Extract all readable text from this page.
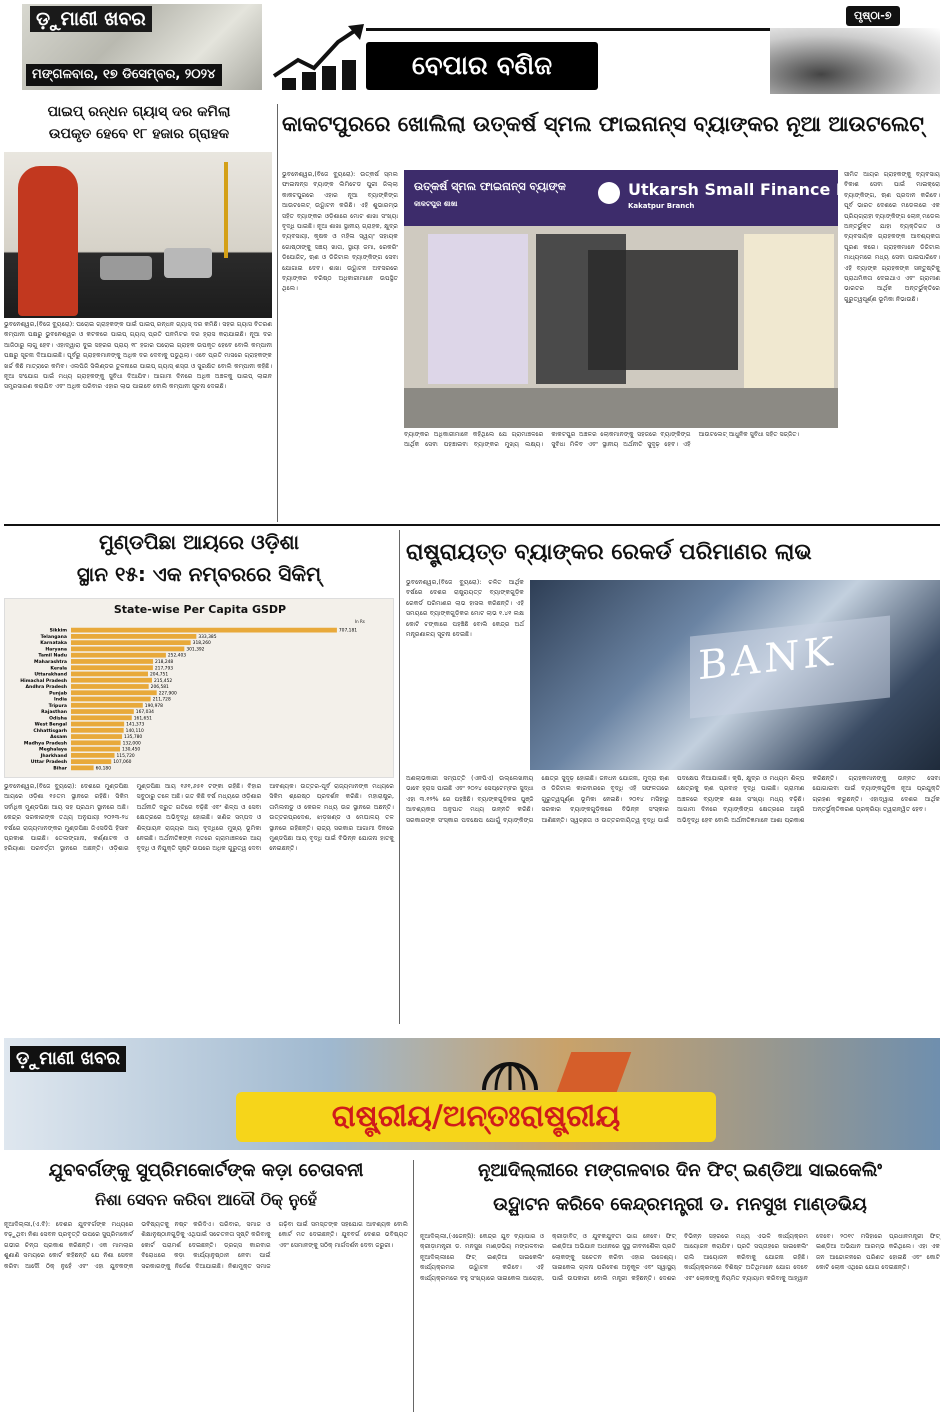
ଡ଼ୁମାଣୀ ଖବର
ମଙ୍ଗଳବାର, ୧୭ ଡିସେମ୍ବର, ୨୦୨୪	ବେପାର ବଣିଜ
ପୃଷ୍ଠା-୭
ପାଇପ୍ ରନ୍ଧନ ଗ୍ୟାସ୍ ଦର କମିଲା
ଉପକୃତ ହେବେ ୧୮ ହଜାର ଗ୍ରାହକ
ଭୁବନେଶ୍ୱର,(ବିଜେ ବ୍ୟୁରୋ): ଘରୋଇ ଗ୍ରାହକଙ୍କ ପାଇଁ ପାଇପ୍ ରନ୍ଧନ ଗ୍ୟାସ୍ ଦର କମିଛି। ସହର ଗ୍ୟାସ ବିତରଣ କମ୍ପାନୀ ପକ୍ଷରୁ ଭୁବନେଶ୍ୱର ଓ କଟକରେ ପାଇପ୍ ଗ୍ୟାସ୍ ପ୍ରତି ଘନମିଟର ଦର ହ୍ରାସ କରାଯାଇଛି। ନୂଆ ଦର ଆଜିଠାରୁ ଲାଗୁ ହେବ। ଏହାଦ୍ୱାରା ଦୁଇ ସହରର ପ୍ରାୟ ୧୮ ହଜାର ଘରୋଇ ଗ୍ରାହକ ଉପକୃତ ହେବେ ବୋଲି କମ୍ପାନୀ ପକ୍ଷରୁ ସୂଚନା ଦିଆଯାଇଛି। ପୂର୍ବରୁ ଗ୍ରାହକମାନଙ୍କୁ ଅଧିକ ଦର ଦେବାକୁ ପଡୁଥିଲା। ଏବେ ପ୍ରତି ମାସରେ ଗ୍ରାହକଙ୍କ ଖର୍ଚ୍ଚ କିଛି ମାତ୍ରାରେ କମିବ। ଏଲପିଜି ସିଲିଣ୍ଡର ତୁଳନାରେ ପାଇପ୍ ଗ୍ୟାସ୍ ଶସ୍ତା ଓ ସୁରକ୍ଷିତ ବୋଲି କମ୍ପାନୀ କହିଛି। ନୂଆ ସଂଯୋଗ ପାଇଁ ମଧ୍ୟ ଗ୍ରାହକଙ୍କୁ ସୁବିଧା ଦିଆଯିବ। ଆଗାମୀ ଦିନରେ ଅଧିକ ଅଞ୍ଚଳକୁ ପାଇପ୍ ଲାଇନ ସମ୍ପ୍ରସାରଣ କରାଯିବ ଏବଂ ଅଧିକ ପରିବାର ଏହାର ଲାଭ ପାଇବେ ବୋଲି କମ୍ପାନୀ ସୂଚନା ଦେଇଛି।
କାକଟପୁରରେ ଖୋଲିଲା ଉତ୍କର୍ଷ ସ୍ମଲ ଫାଇନାନ୍ସ ବ୍ୟାଙ୍କର ନୂଆ ଆଉଟଲେଟ୍
ଭୁବନେଶ୍ୱର,(ବିଜେ ବ୍ୟୁରୋ): ଉତ୍କର୍ଷ ସ୍ମଲ ଫାଇନାନ୍ସ ବ୍ୟାଙ୍କ ଲିମିଟେଡ ପୁରୀ ଜିଲ୍ଲା କାକଟପୁରରେ ଏହାର ନୂଆ ବ୍ୟାଙ୍କିଙ୍ଗ ଆଉଟଲେଟ୍ ଉଦ୍ଘାଟନ କରିଛି। ଏହି ଶୁଭାରମ୍ଭ ସହିତ ବ୍ୟାଙ୍କର ଓଡ଼ିଶାରେ ମୋଟ ଶାଖା ସଂଖ୍ୟା ବୃଦ୍ଧି ପାଇଛି। ନୂଆ ଶାଖା ସ୍ଥାନୀୟ ଗ୍ରାହକ, କ୍ଷୁଦ୍ର ବ୍ୟବସାୟୀ, କୃଷକ ଓ ମହିଳା ସ୍ୱୟଂ ସହାୟକ ଗୋଷ୍ଠୀଙ୍କୁ ସଞ୍ଚୟ ଖାତା, ସ୍ଥାୟୀ ଜମା, ରେକରିଂ ଡିପୋଜିଟ୍, ଋଣ ଓ ଡିଜିଟାଲ ବ୍ୟାଙ୍କିଙ୍ଗ ସେବା ଯୋଗାଇ ଦେବ। ଶାଖା ଉଦ୍ଘାଟନ ଅବସରରେ ବ୍ୟାଙ୍କର ବରିଷ୍ଠ ଅଧିକାରୀମାନେ ଉପସ୍ଥିତ ଥିଲେ।
ଉତ୍କର୍ଷ ସ୍ମଲ ଫାଇନାନ୍ସ ବ୍ୟାଙ୍କ
କାକଟପୁର ଶାଖା
Utkarsh Small Finance Ban
Kakatpur Branch
ବ୍ୟାଙ୍କର ଅଧିକାରୀମାନେ କହିଥିଲେ ଯେ ଗ୍ରାମାଞ୍ଚଳରେ ଆର୍ଥିକ ସେବା ପହଞ୍ଚାଇବା ବ୍ୟାଙ୍କର ମୁଖ୍ୟ ଲକ୍ଷ୍ୟ। କାକଟପୁର ଅଞ୍ଚଳର ଲୋକମାନଙ୍କୁ ସହଜରେ ବ୍ୟାଙ୍କିଙ୍ଗ ସୁବିଧା ମିଳିବ ଏବଂ ସ୍ଥାନୀୟ ଅର୍ଥନୀତି ସୁଦୃଢ଼ ହେବ। ଏହି ଆଉଟଲେଟ୍ ଆଧୁନିକ ସୁବିଧା ସହିତ ସଜ୍ଜିତ।
ସୀମିତ ଆୟର ଗ୍ରାହକଙ୍କୁ ବ୍ୟବସାୟ ବିକାଶ ସେବା ପାଇଁ ମାଇକ୍ରୋ ବ୍ୟାଙ୍କିଙ୍ଗ, ଋଣ ପ୍ରଦାନ କରିବେ। ପୂର୍ବ ଭାରତ ଦେଶରେ ମଡେଲରେ ଏକ ପ୍ରିୟଗ୍ରାହୀ ବ୍ୟାଙ୍କିଙ୍ଗ ଲୋନ୍ ମଡେଲ ଅନ୍ତର୍ଭୁକ୍ତ ଯାହା ବ୍ୟକ୍ତିଗତ ଓ ବ୍ୟବସାୟିକ ଗ୍ରାହକଙ୍କ ଆବଶ୍ୟକତା ପୂରଣ କରେ। ଗ୍ରାହକମାନେ ଡିଜିଟାଲ ମାଧ୍ୟମରେ ମଧ୍ୟ ସେବା ପାଇପାରିବେ। ଏହି ବ୍ୟାଙ୍କ ଗ୍ରାହକଙ୍କ ସନ୍ତୁଷ୍ଟିକୁ ପ୍ରାଥମିକତା ଦେଇଥାଏ ଏବଂ ଗ୍ରାମୀଣ ଭାରତର ଆର୍ଥିକ ଅନ୍ତର୍ଭୁକ୍ତିରେ ଗୁରୁତ୍ୱପୂର୍ଣ୍ଣ ଭୂମିକା ନିଭାଉଛି।
ମୁଣ୍ଡପିଛା ଆୟରେ ଓଡ଼ିଶା
ସ୍ଥାନ ୧୫: ଏକ ନମ୍ବରରେ ସିକିମ୍
State-wise Per Capita GSDP
In Rs
Sikkim	707,181
Telangana	333,385
Karnataka	318,260
Haryana	301,392
Tamil Nadu	252,403
Maharashtra	218,248
Kerala	217,793
Uttarakhand	204,751
Himachal Pradesh	215,452
Andhra Pradesh	206,581
Punjab	227,900
India	211,728
Tripura	190,978
Rajasthan	167,034
Odisha	161,651
West Bengal	141,373
Chhattisgarh	140,110
Assam	135,780
Madhya Pradesh	132,000
Meghalaya	130,450
Jharkhand	115,720
Uttar Pradesh	107,060
Bihar	60,180
ଭୁବନେଶ୍ୱର,(ବିଜେ ବ୍ୟୁରୋ): ଦେଶରେ ମୁଣ୍ଡପିଛା ଆୟରେ ଓଡ଼ିଶା ୧୫ତମ ସ୍ଥାନରେ ରହିଛି। ସିକିମ ସର୍ବାଧିକ ମୁଣ୍ଡପିଛା ଆୟ ସହ ପ୍ରଥମ ସ୍ଥାନରେ ଅଛି। କେନ୍ଦ୍ର ସରକାରଙ୍କ ତଥ୍ୟ ଅନୁଯାୟୀ ୨୦୨୩-୨୪ ବର୍ଷରେ ରାଜ୍ୟମାନଙ୍କର ମୁଣ୍ଡପିଛା ଜିଏସଡିପି ହିସାବ ପ୍ରକାଶ ପାଇଛି। ତେଲଙ୍ଗାନା, କର୍ଣ୍ଣାଟକ ଓ ହରିୟାଣା ପରବର୍ତ୍ତୀ ସ୍ଥାନରେ ଅଛନ୍ତି। ଓଡ଼ିଶାର ମୁଣ୍ଡପିଛା ଆୟ ୧୬୧,୬୫୧ ଟଙ୍କା ରହିଛି। ବିହାର ସବୁଠାରୁ ତଳେ ଅଛି। ଗତ କିଛି ବର୍ଷ ମଧ୍ୟରେ ଓଡ଼ିଶାର ଅର୍ଥନୀତି ଦ୍ରୁତ ଗତିରେ ବଢ଼ିଛି ଏବଂ ଶିଳ୍ପ ଓ ସେବା କ୍ଷେତ୍ରରେ ଅଭିବୃଦ୍ଧି ହୋଇଛି। ଖଣିଜ ସମ୍ପଦ ଓ ଶିଳ୍ପାୟନ ରାଜ୍ୟର ଆୟ ବୃଦ୍ଧିରେ ମୁଖ୍ୟ ଭୂମିକା ନେଇଛି। ଅର୍ଥନୀତିଜ୍ଞଙ୍କ ମତରେ ଗ୍ରାମାଞ୍ଚଳରେ ଆୟ ବୃଦ୍ଧି ଓ ନିଯୁକ୍ତି ସୃଷ୍ଟି ଉପରେ ଅଧିକ ଗୁରୁତ୍ୱ ଦେବା ଆବଶ୍ୟକ। ଉତ୍ତର-ପୂର୍ବ ରାଜ୍ୟମାନଙ୍କ ମଧ୍ୟରେ ସିକିମ ଶ୍ରେଷ୍ଠ ପ୍ରଦର୍ଶନ କରିଛି। ମହାରାଷ୍ଟ୍ର, ତାମିଲନାଡୁ ଓ କେରଳ ମଧ୍ୟ ଉଚ୍ଚ ସ୍ଥାନରେ ଅଛନ୍ତି। ଉତ୍ତରପ୍ରଦେଶ, ଝାଡ଼ଖଣ୍ଡ ଓ ମେଘାଳୟ ତଳ ସ୍ଥାନରେ ରହିଛନ୍ତି। ରାଜ୍ୟ ସରକାର ଆଗାମୀ ଦିନରେ ମୁଣ୍ଡପିଛା ଆୟ ବୃଦ୍ଧି ପାଇଁ ବିଭିନ୍ନ ଯୋଜନା ହାତକୁ ନେଇଛନ୍ତି।
ରାଷ୍ଟ୍ରାୟତ୍ତ ବ୍ୟାଙ୍କର ରେକର୍ଡ ପରିମାଣର ଲାଭ
ଭୁବନେଶ୍ୱର,(ବିଜେ ବ୍ୟୁରୋ): ଚଳିତ ଆର୍ଥିକ ବର୍ଷରେ ଦେଶର ରାଷ୍ଟ୍ରାୟତ୍ତ ବ୍ୟାଙ୍କଗୁଡ଼ିକ ରେକର୍ଡ ପରିମାଣର ଲାଭ ହାସଲ କରିଛନ୍ତି। ଏହି ସମୟରେ ବ୍ୟାଙ୍କଗୁଡ଼ିକର ମୋଟ ଲାଭ ୧.୪୧ ଲକ୍ଷ କୋଟି ଟଙ୍କାରେ ପହଞ୍ଚିଛି ବୋଲି କେନ୍ଦ୍ର ଅର୍ଥ ମନ୍ତ୍ରଣାଳୟ ସୂଚନା ଦେଇଛି।	BANK
ଅଣଲାଭକାରୀ ସମ୍ପତ୍ତି (ଏନପିଏ) ଉଲ୍ଲେଖନୀୟ ଭାବେ ହ୍ରାସ ପାଇଛି ଏବଂ ୨୦୨୪ ସେପ୍ଟେମ୍ବର ସୁଦ୍ଧା ଏହା ୩.୧୨% ରେ ପହଞ୍ଚିଛି। ବ୍ୟାଙ୍କଗୁଡ଼ିକର ପୁଞ୍ଜି ଆବଶ୍ୟକତା ଅନୁପାତ ମଧ୍ୟ ଉନ୍ନତି କରିଛି। ସରକାରଙ୍କ ସଂସ୍କାର ପଦକ୍ଷେପ ଯୋଗୁଁ ବ୍ୟାଙ୍କିଙ୍ଗ କ୍ଷେତ୍ର ସୁଦୃଢ଼ ହୋଇଛି। ଜନଧନ ଯୋଜନା, ମୁଦ୍ରା ଋଣ ଓ ଡିଜିଟାଲ କାରବାରରେ ବୃଦ୍ଧି ଏହି ସଫଳତାରେ ଗୁରୁତ୍ୱପୂର୍ଣ୍ଣ ଭୂମିକା ନେଇଛି। ୨୦୧୪ ମସିହାରୁ ସରକାର ବ୍ୟାଙ୍କଗୁଡ଼ିକରେ ବିଭିନ୍ନ ସଂସ୍କାର ଆଣିଛନ୍ତି। ସ୍ୱଚ୍ଛତା ଓ ଉତ୍ତରଦାୟିତ୍ୱ ବୃଦ୍ଧି ପାଇଁ ପଦକ୍ଷେପ ନିଆଯାଇଛି। କୃଷି, କ୍ଷୁଦ୍ର ଓ ମଧ୍ୟମ ଶିଳ୍ପ କ୍ଷେତ୍ରକୁ ଋଣ ପ୍ରବାହ ବୃଦ୍ଧି ପାଇଛି। ଗ୍ରାମୀଣ ଅଞ୍ଚଳରେ ବ୍ୟାଙ୍କ ଶାଖା ସଂଖ୍ୟା ମଧ୍ୟ ବଢ଼ିଛି। ଆଗାମୀ ଦିନରେ ବ୍ୟାଙ୍କିଙ୍ଗ କ୍ଷେତ୍ରରେ ଆହୁରି ଅଭିବୃଦ୍ଧି ହେବ ବୋଲି ଅର୍ଥନୀତିଜ୍ଞମାନେ ଆଶା ପ୍ରକାଶ କରିଛନ୍ତି। ଗ୍ରାହକମାନଙ୍କୁ ଉନ୍ନତ ସେବା ଯୋଗାଇବା ପାଇଁ ବ୍ୟାଙ୍କଗୁଡ଼ିକ ନୂଆ ପ୍ରଯୁକ୍ତି ଗ୍ରହଣ କରୁଛନ୍ତି। ଏହାଦ୍ୱାରା ଦେଶର ଆର୍ଥିକ ଅନ୍ତର୍ଭୁକ୍ତିକରଣ ପ୍ରକ୍ରିୟା ତ୍ୱରାନ୍ୱିତ ହେବ।
ଡ଼ୁମାଣୀ ଖବର
ରାଷ୍ଟ୍ରୀୟ/ଅନ୍ତଃରାଷ୍ଟ୍ରୀୟ
ଯୁବବର୍ଗଙ୍କୁ ସୁପ୍ରିମକୋର୍ଟଙ୍କ କଡ଼ା ଚେତାବନୀ
ନିଶା ସେବନ କରିବା ଆଦୌ ଠିକ୍ ନୁହେଁ
ନୂଆଦିଲ୍ଲୀ,(ଏ.ବି): ଦେଶର ଯୁବବର୍ଗଙ୍କ ମଧ୍ୟରେ ବଢ଼ୁଥିବା ନିଶା ସେବନ ପ୍ରବୃତ୍ତି ଉପରେ ସୁପ୍ରିମକୋର୍ଟ ଗଭୀର ଚିନ୍ତା ପ୍ରକାଶ କରିଛନ୍ତି। ଏକ ମାମଲାର ଶୁଣାଣି ସମୟରେ କୋର୍ଟ କହିଛନ୍ତି ଯେ ନିଶା ସେବନ କରିବା ଆଦୌ ଠିକ୍ ନୁହେଁ ଏବଂ ଏହା ଯୁବକଙ୍କ ଭବିଷ୍ୟତକୁ ନଷ୍ଟ କରିଦିଏ। ପରିବାର, ସମାଜ ଓ ଶିକ୍ଷାନୁଷ୍ଠାନଗୁଡ଼ିକୁ ଏଥିପାଇଁ ସଚେତନତା ସୃଷ୍ଟି କରିବାକୁ କୋର୍ଟ ପରାମର୍ଶ ଦେଇଛନ୍ତି। ଡ୍ରଗ୍ସ କାରବାର ବିରୋଧରେ କଡ଼ା କାର୍ଯ୍ୟାନୁଷ୍ଠାନ ନେବା ପାଇଁ ସରକାରଙ୍କୁ ନିର୍ଦ୍ଦେଶ ଦିଆଯାଇଛି। ନିଶାମୁକ୍ତ ସମାଜ ଗଢ଼ିବା ପାଇଁ ସମସ୍ତଙ୍କ ସହଯୋଗ ଆବଶ୍ୟକ ବୋଲି କୋର୍ଟ ମତ ଦେଇଛନ୍ତି। ଯୁବବର୍ଗ ଦେଶର ଭବିଷ୍ୟତ ଏବଂ ସେମାନଙ୍କୁ ସଠିକ୍ ମାର୍ଗଦର୍ଶନ ଦେବା ଜରୁରୀ।
ନୂଆଦିଲ୍ଲୀରେ ମଙ୍ଗଳବାର ଦିନ ଫିଟ୍ ଇଣ୍ଡିଆ ସାଇକେଲିଂ
ଉଦ୍ଘାଟନ କରିବେ କେନ୍ଦ୍ରମନ୍ତ୍ରୀ ଡ. ମନସୁଖ ମାଣ୍ଡଭିୟ
ନୂଆଦିଲ୍ଲୀ,(ଏଜେନ୍ସି): କେନ୍ଦ୍ର ଯୁବ ବ୍ୟାପାର ଓ କ୍ରୀଡ଼ାମନ୍ତ୍ରୀ ଡ. ମନସୁଖ ମାଣ୍ଡଭିୟ ମଙ୍ଗଳବାର ନୂଆଦିଲ୍ଲୀରେ ଫିଟ୍ ଇଣ୍ଡିଆ ସାଇକେଲିଂ କାର୍ଯ୍ୟକ୍ରମର ଉଦ୍ଘାଟନ କରିବେ। ଏହି କାର୍ଯ୍ୟକ୍ରମରେ ବହୁ ସଂଖ୍ୟାରେ ସାଇକେଲ ଆରୋହୀ, କ୍ରୀଡ଼ାବିତ୍ ଓ ଯୁବକଯୁବତୀ ଭାଗ ନେବେ। ଫିଟ୍ ଇଣ୍ଡିଆ ଅଭିଯାନ ଅଧୀନରେ ସୁସ୍ଥ ଜୀବନଶୈଳୀ ପ୍ରତି ଲୋକଙ୍କୁ ସଚେତନ କରିବା ଏହାର ଉଦ୍ଦେଶ୍ୟ। ସାଇକେଲ ଚାଳନା ପରିବେଶ ଅନୁକୂଳ ଏବଂ ସ୍ୱାସ୍ଥ୍ୟ ପାଇଁ ଉପକାରୀ ବୋଲି ମନ୍ତ୍ରୀ କହିଛନ୍ତି। ଦେଶର ବିଭିନ୍ନ ସହରରେ ମଧ୍ୟ ଏଭଳି କାର୍ଯ୍ୟକ୍ରମ ଆୟୋଜନ କରାଯିବ। ପ୍ରତି ସପ୍ତାହରେ ସାଇକେଲିଂ ରାଲି ଆୟୋଜନ କରିବାକୁ ଯୋଜନା ରହିଛି। କାର୍ଯ୍ୟକ୍ରମରେ ବିଶିଷ୍ଟ ଅତିଥିମାନେ ଯୋଗ ଦେବେ ଏବଂ ଲୋକଙ୍କୁ ନିୟମିତ ବ୍ୟାୟାମ କରିବାକୁ ଆହ୍ୱାନ ଦେବେ। ୨୦୧୯ ମସିହାରେ ପ୍ରଧାନମନ୍ତ୍ରୀ ଫିଟ୍ ଇଣ୍ଡିଆ ଅଭିଯାନ ଆରମ୍ଭ କରିଥିଲେ। ଏହା ଏକ ଜନ ଆନ୍ଦୋଳନରେ ପରିଣତ ହୋଇଛି ଏବଂ କୋଟି କୋଟି ଲୋକ ଏଥିରେ ଯୋଗ ଦେଇଛନ୍ତି।
